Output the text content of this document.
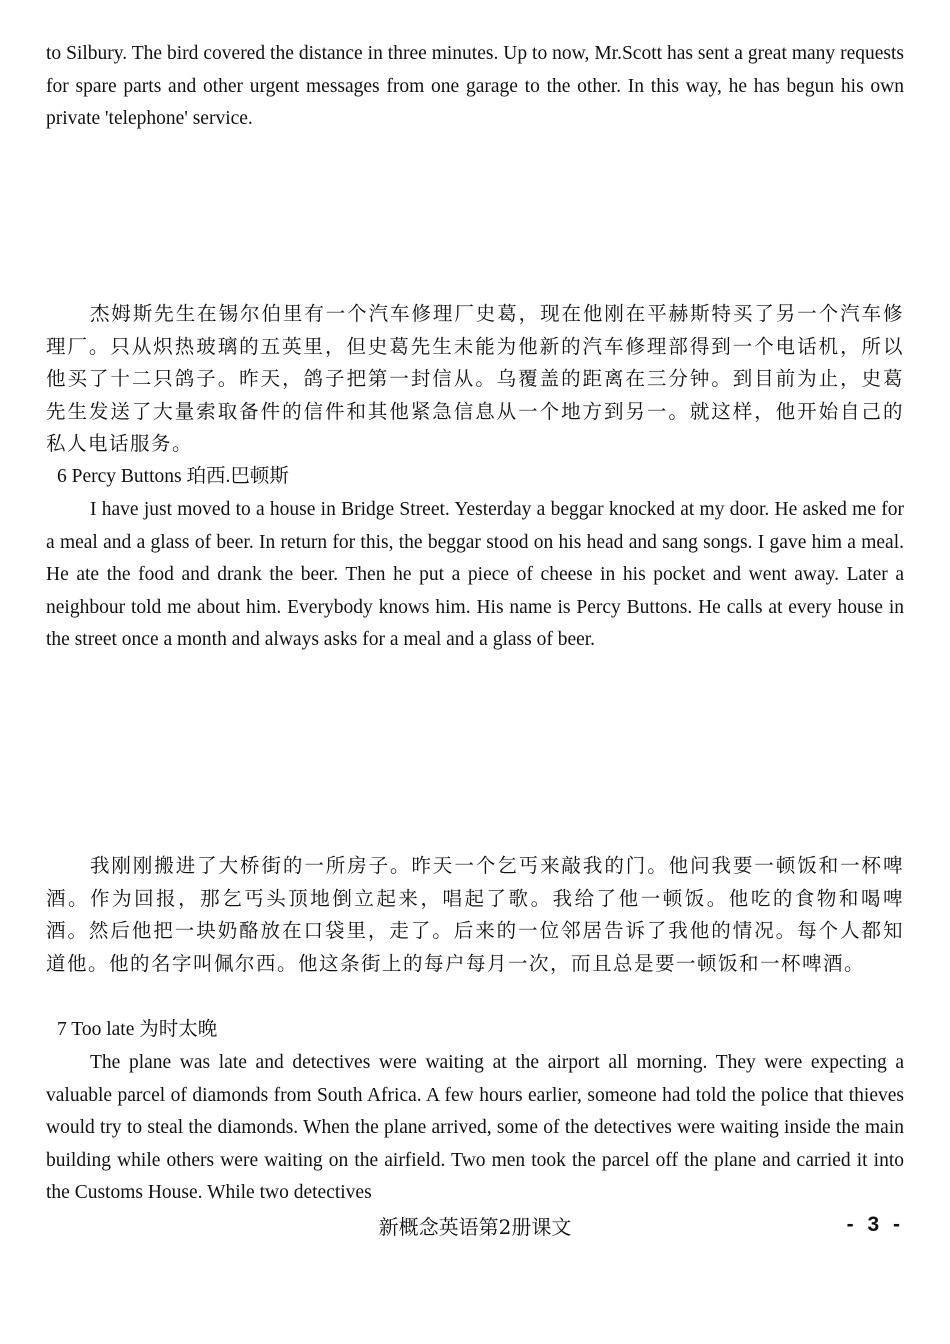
to Silbury. The bird covered the distance in three minutes. Up to now, Mr.Scott has sent a great many requests for spare parts and other urgent messages from one garage to the other. In this way, he has begun his own private 'telephone' service.

杰姆斯先生在锡尔伯里有一个汽车修理厂史葛，现在他刚在平赫斯特买了另一个汽车修理厂。只从炽热玻璃的五英里，但史葛先生未能为他新的汽车修理部得到一个电话机，所以他买了十二只鸽子。昨天，鸽子把第一封信从。乌覆盖的距离在三分钟。到目前为止，史葛先生发送了大量索取备件的信件和其他紧急信息从一个地方到另一。就这样，他开始自己的私人电话服务。

6 Percy Buttons 珀西.巴顿斯

I have just moved to a house in Bridge Street. Yesterday a beggar knocked at my door. He asked me for a meal and a glass of beer. In return for this, the beggar stood on his head and sang songs. I gave him a meal. He ate the food and drank the beer. Then he put a piece of cheese in his pocket and went away. Later a neighbour told me about him. Everybody knows him. His name is Percy Buttons. He calls at every house in the street once a month and always asks for a meal and a glass of beer.

我刚刚搬进了大桥街的一所房子。昨天一个乞丐来敲我的门。他问我要一顿饭和一杯啤酒。作为回报，那乞丐头顶地倒立起来，唱起了歌。我给了他一顿饭。他吃的食物和喝啤酒。然后他把一块奶酪放在口袋里，走了。后来的一位邻居告诉了我他的情况。每个人都知道他。他的名字叫佩尔西。他这条街上的每户每月一次，而且总是要一顿饭和一杯啤酒。

7 Too late 为时太晚

The plane was late and detectives were waiting at the airport all morning. They were expecting a valuable parcel of diamonds from South Africa. A few hours earlier, someone had told the police that thieves would try to steal the diamonds. When the plane arrived, some of the detectives were waiting inside the main building while others were waiting on the airfield. Two men took the parcel off the plane and carried it into the Customs House. While two detectives

新概念英语第2册课文	- 3 -
